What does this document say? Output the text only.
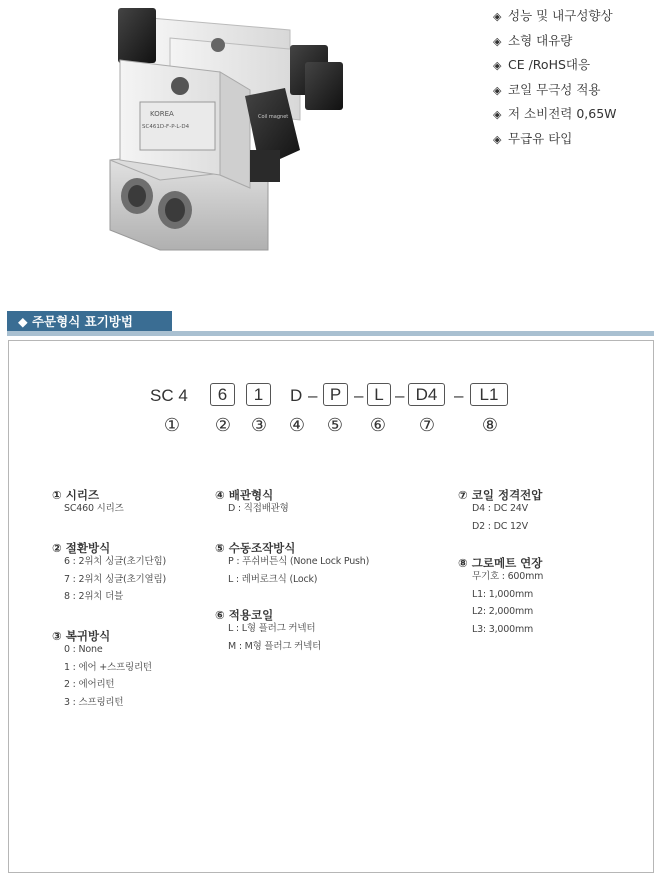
KOREA
SC461D-F-P-L-D4
Coil magnet
◈ 성능 및 내구성향상
◈ 소형 대유량
◈ CE /RoHS대응
◈ 코일 무극성 적용
◈ 저 소비전력 0,65W
◈ 무급유 타입
◆ 주문형식 표기방법
SC 4	6	1	D – P – L – D4 – L1
① ② ③ ④ ⑤ ⑥ ⑦	⑧
① 시리즈
SC460 시리즈
② 절환방식
6 : 2위치 싱글(초기단힘)
7 : 2위치 싱글(초기열림)
8 : 2위치 더블
③ 복귀방식
0 : None
1 : 에어 +스프링리턴
2 : 에어리턴
3 : 스프링리턴
④ 배관형식
D : 직접배관형
⑤ 수동조작방식
P : 푸쉬버튼식 (None Lock Push)
L : 레버로크식 (Lock)
⑥ 적용코일
L : L형 플러그 커넥터
M : M형 플러그 커넥터
⑦ 코일 정격전압
D4 : DC 24V
D2 : DC 12V
⑧ 그로메트 연장
무기호 : 600mm
L1: 1,000mm
L2: 2,000mm
L3: 3,000mm
